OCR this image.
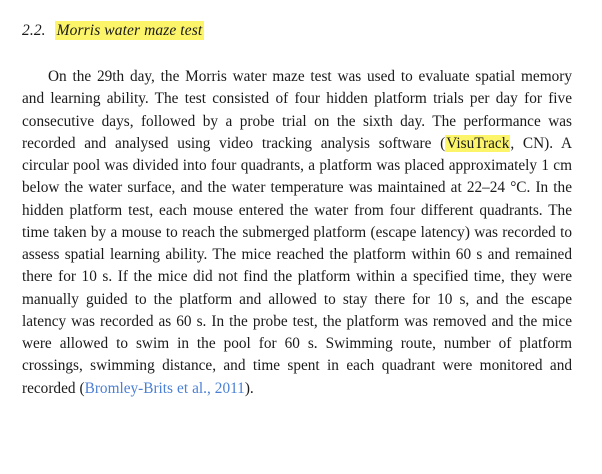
2.2. Morris water maze test

On the 29th day, the Morris water maze test was used to evaluate spatial memory and learning ability. The test consisted of four hidden platform trials per day for five consecutive days, followed by a probe trial on the sixth day. The performance was recorded and analysed using video tracking analysis software (VisuTrack, CN). A circular pool was divided into four quadrants, a platform was placed approximately 1 cm below the water surface, and the water temperature was maintained at 22–24 °C. In the hidden platform test, each mouse entered the water from four different quadrants. The time taken by a mouse to reach the submerged platform (escape latency) was recorded to assess spatial learning ability. The mice reached the platform within 60 s and remained there for 10 s. If the mice did not find the platform within a specified time, they were manually guided to the platform and allowed to stay there for 10 s, and the escape latency was recorded as 60 s. In the probe test, the platform was removed and the mice were allowed to swim in the pool for 60 s. Swimming route, number of platform crossings, swimming distance, and time spent in each quadrant were monitored and recorded (Bromley-Brits et al., 2011).
